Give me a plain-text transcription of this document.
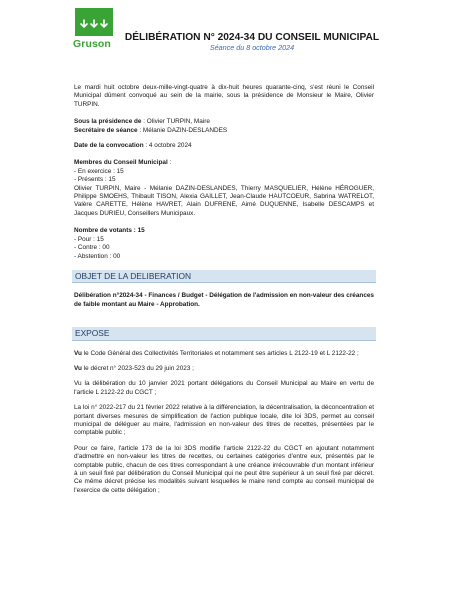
Gruson
DÉLIBÉRATION N° 2024-34 DU CONSEIL MUNICIPAL
Séance du 8 octobre 2024

Le mardi huit octobre deux-mille-vingt-quatre à dix-huit heures quarante-cinq, s'est réuni le Conseil Municipal dûment convoqué au sein de la mairie, sous la présidence de Monsieur le Maire, Olivier TURPIN.

Sous la présidence de : Olivier TURPIN, Maire

Secrétaire de séance : Mélanie DAZIN-DESLANDES

Date de la convocation : 4 octobre 2024

Membres du Conseil Municipal :

- En exercice : 15

- Présents : 15

Olivier TURPIN, Maire - Mélanie DAZIN-DESLANDES, Thierry MASQUELIER, Hélène HÉROGUER, Philippe SMOEHS, Thibault TISON, Alexia GAILLET, Jean-Claude HAUTCOEUR, Sabrina WATRELOT, Valère CARETTE, Hélène HAVRET, Alain DUFRENE, Aimé DUQUENNE, Isabelle DESCAMPS et Jacques DURIEU, Conseillers Municipaux.

Nombre de votants : 15

- Pour : 15

- Contre : 00

- Abstention : 00

OBJET DE LA DELIBERATION

Délibération n°2024-34 - Finances / Budget - Délégation de l'admission en non-valeur des créances de faible montant au Maire - Approbation.

EXPOSE

Vu le Code Général des Collectivités Territoriales et notamment ses articles L 2122-19 et L 2122-22 ;

Vu le décret n° 2023-523 du 29 juin 2023 ;

Vu la délibération du 10 janvier 2021 portant délégations du Conseil Municipal au Maire en vertu de l'article L 2122-22 du CGCT ;

La loi n° 2022-217 du 21 février 2022 relative à la différenciation, la décentralisation, la déconcentration et portant diverses mesures de simplification de l'action publique locale, dite loi 3DS, permet au conseil municipal de déléguer au maire, l'admission en non-valeur des titres de recettes, présentées par le comptable public ;

Pour ce faire, l'article 173 de la loi 3DS modifie l'article 2122-22 du CGCT en ajoutant notamment d'admettre en non-valeur les titres de recettes, ou certaines catégories d'entre eux, présentés par le comptable public, chacun de ces titres correspondant à une créance irrécouvrable d'un montant inférieur à un seuil fixé par délibération du Conseil Municipal qui ne peut être supérieur à un seuil fixé par décret. Ce même décret précise les modalités suivant lesquelles le maire rend compte au conseil municipal de l'exercice de cette délégation ;
